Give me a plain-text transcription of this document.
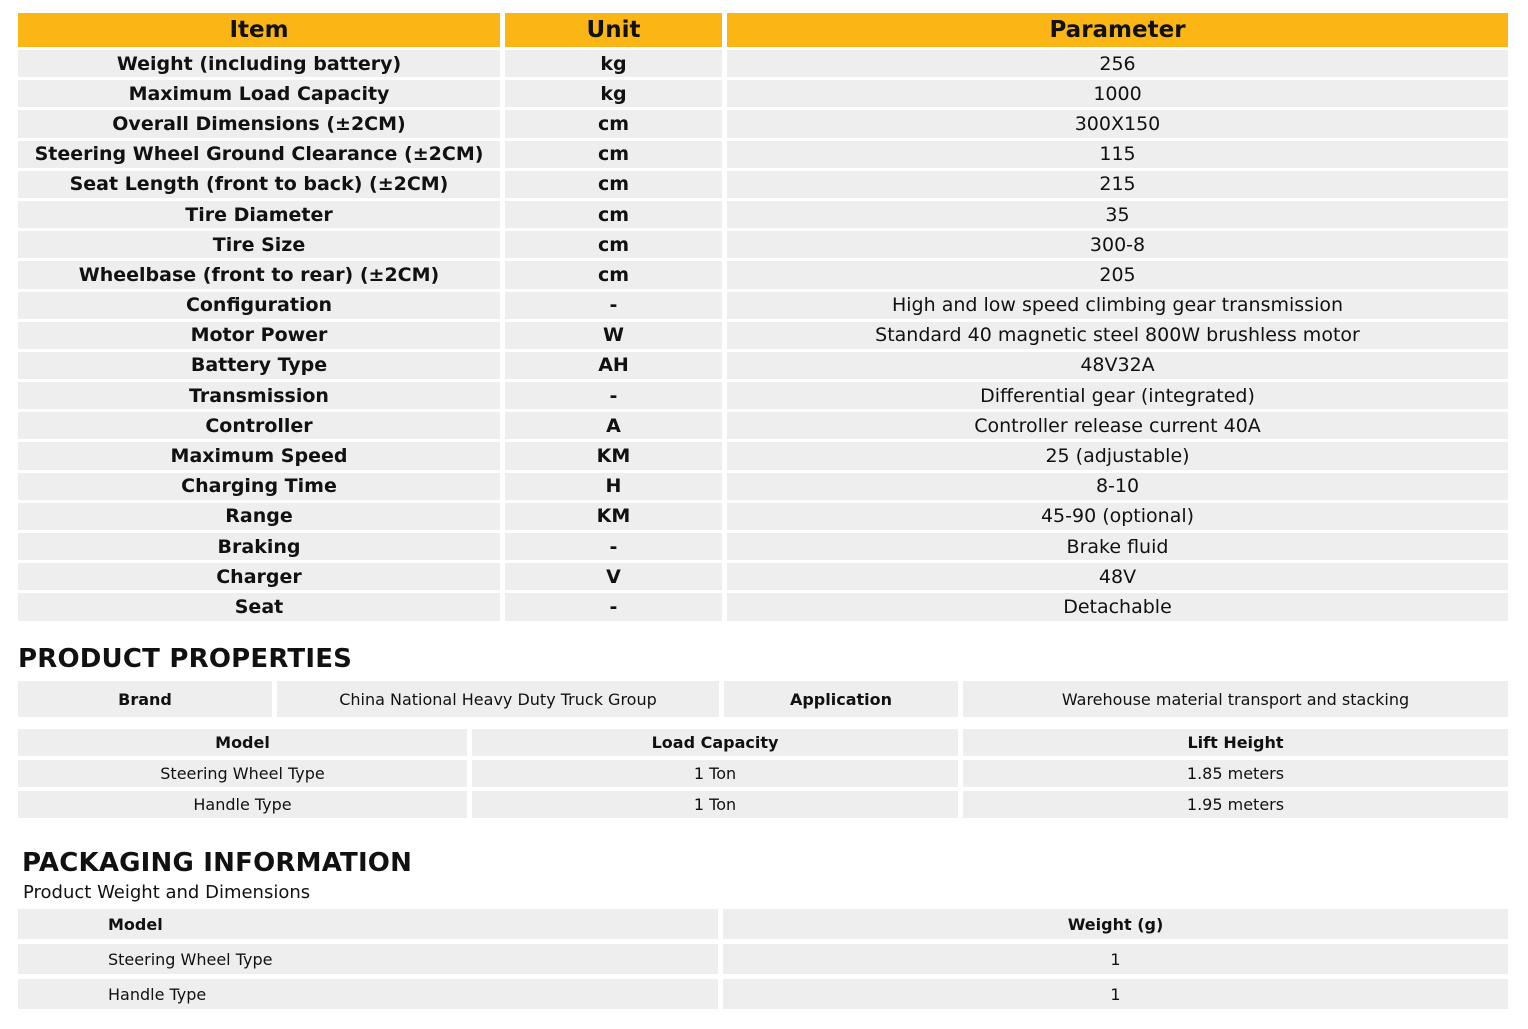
Item	Unit	Parameter
Weight (including battery)	kg	256
Maximum Load Capacity	kg	1000
Overall Dimensions (±2CM)	cm	300X150
Steering Wheel Ground Clearance (±2CM)	cm	115
Seat Length (front to back) (±2CM)	cm	215
Tire Diameter	cm	35
Tire Size	cm	300-8
Wheelbase (front to rear) (±2CM)	cm	205
Configuration	-	High and low speed climbing gear transmission
Motor Power	W	Standard 40 magnetic steel 800W brushless motor
Battery Type	AH	48V32A
Transmission	-	Differential gear (integrated)
Controller	A	Controller release current 40A
Maximum Speed	KM	25 (adjustable)
Charging Time	H	8-10
Range	KM	45-90 (optional)
Braking	-	Brake fluid
Charger	V	48V
Seat	-	Detachable
PRODUCT PROPERTIES
Brand	China National Heavy Duty Truck Group	Application	Warehouse material transport and stacking
Model	Load Capacity	Lift Height
Steering Wheel Type	1 Ton	1.85 meters
Handle Type	1 Ton	1.95 meters
PACKAGING INFORMATION
Product Weight and Dimensions
Model	Weight (g)
Steering Wheel Type	1
Handle Type	1
